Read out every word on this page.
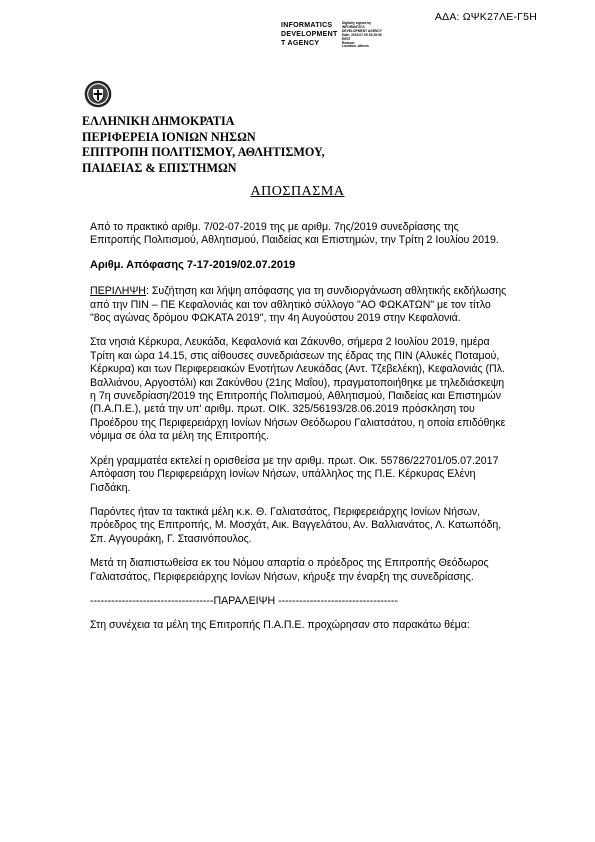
ΑΔΑ: ΩΨΚ27ΛΕ-Γ5Η
INFORMATICS
DEVELOPMENT
T AGENCY
Digitally signed by
INFORMATICS
DEVELOPMENT AGENCY
Date: 2019.07.05 15:29:50
EEST
Reason:
Location: Athens
ΕΛΛΗΝΙΚΗ ΔΗΜΟΚΡΑΤΙΑ
ΠΕΡΙΦΕΡΕΙΑ ΙΟΝΙΩΝ ΝΗΣΩΝ
ΕΠΙΤΡΟΠΗ ΠΟΛΙΤΙΣΜΟΥ, ΑΘΛΗΤΙΣΜΟΥ,
ΠΑΙΔΕΙΑΣ & ΕΠΙΣΤΗΜΩΝ
ΑΠΟΣΠΑΣΜΑ

Από το πρακτικό αριθμ. 7/02-07-2019 της με αριθμ. 7ης/2019 συνεδρίασης της Επιτροπής Πολιτισμού, Αθλητισμού, Παιδείας και Επιστημών, την Τρίτη 2 Ιουλίου 2019.

Αριθμ. Απόφασης 7-17-2019/02.07.2019

ΠΕΡΙΛΗΨΗ: Συζήτηση και λήψη απόφασης για τη συνδιοργάνωση αθλητικής εκδήλωσης από την ΠΙΝ – ΠΕ Κεφαλονιάς και τον αθλητικό σύλλογο "ΑΟ ΦΩΚΑΤΩΝ" με τον τίτλο "8ος αγώνας δρόμου ΦΩΚΑΤΑ 2019", την 4η Αυγούστου 2019 στην Κεφαλονιά.

Στα νησιά Κέρκυρα, Λευκάδα, Κεφαλονιά και Ζάκυνθο, σήμερα 2 Ιουλίου 2019, ημέρα Τρίτη και ώρα 14.15, στις αίθουσες συνεδριάσεων της έδρας της ΠΙΝ (Αλυκές Ποταμού, Κέρκυρα) και των Περιφερειακών Ενοτήτων Λευκάδας (Αντ. Τζεβελέκη), Κεφαλονιάς (Πλ. Βαλλιάνου, Αργοστόλι) και Ζακύνθου (21ης Μαΐου), πραγματοποιήθηκε με τηλεδιάσκεψη η 7η συνεδρίαση/2019 της Επιτροπής Πολιτισμού, Αθλητισμού, Παιδείας και Επιστημών (Π.Α.Π.Ε.), μετά την υπ' αριθμ. πρωτ. ΟΙΚ. 325/56193/28.06.2019 πρόσκληση του Προέδρου της Περιφερειάρχη Ιονίων Νήσων Θεόδωρου Γαλιατσάτου, η οποία επιδόθηκε νόμιμα σε όλα τα μέλη της Επιτροπής.

Χρέη γραμματέα εκτελεί η ορισθείσα με την αριθμ. πρωτ. Οικ. 55786/22701/05.07.2017 Απόφαση του Περιφερειάρχη Ιονίων Νήσων, υπάλληλος της Π.Ε. Κέρκυρας Ελένη Γισδάκη.

Παρόντες ήταν τα τακτικά μέλη κ.κ. Θ. Γαλιατσάτος, Περιφερειάρχης Ιονίων Νήσων, πρόεδρος της Επιτροπής, Μ. Μοσχάτ, Αικ. Βαγγελάτου, Αν. Βαλλιανάτος, Λ. Κατωπόδη, Σπ. Αγγουράκη, Γ. Στασινόπουλος.

Μετά τη διαπιστωθείσα εκ του Νόμου απαρτία ο πρόεδρος της Επιτροπής Θεόδωρος Γαλιατσάτος, Περιφερειάρχης Ιονίων Νήσων, κήρυξε την έναρξη της συνεδρίασης.

-----------------------------------ΠΑΡΑΛΕΙΨΗ ----------------------------------

Στη συνέχεια τα μέλη της Επιτροπής Π.Α.Π.Ε. προχώρησαν στο παρακάτω θέμα:
